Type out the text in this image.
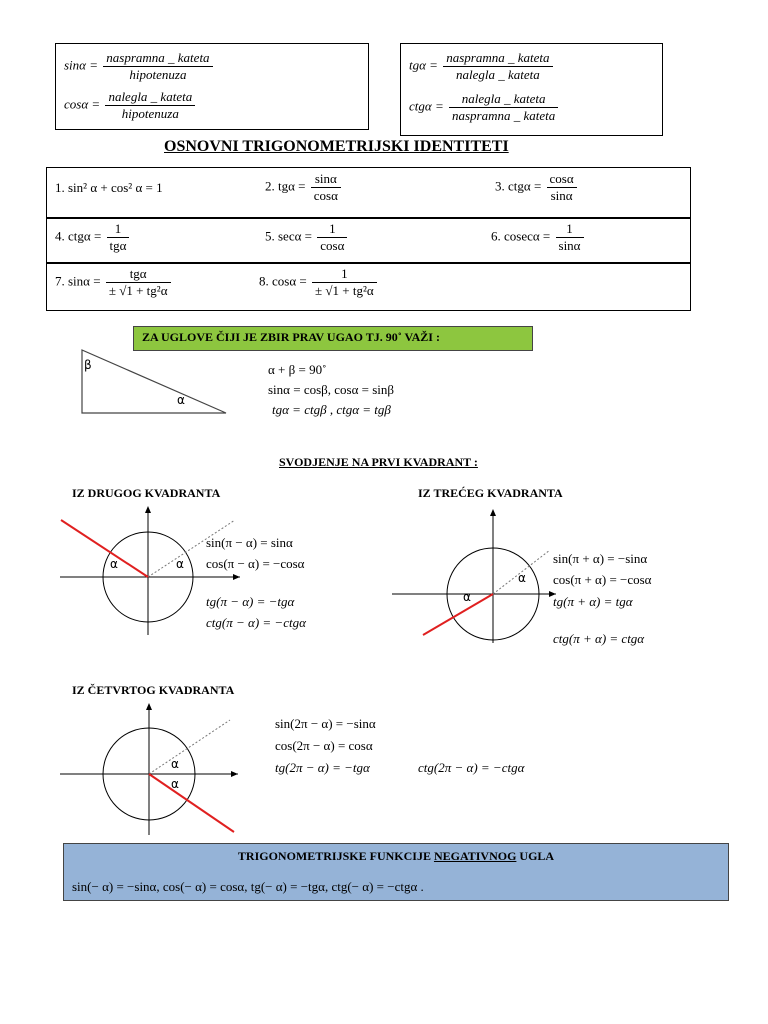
$\sin\alpha = \frac{\text{naspramna \_ kateta}}{\text{hipotenuza}}$
$\cos\alpha = \frac{\text{nalegla \_ kateta}}{\text{hipotenuza}}$
$tg\alpha = \frac{\text{naspramna \_ kateta}}{\text{nalegla \_ kateta}}$
$ctg\alpha = \frac{\text{nalegla \_ kateta}}{\text{naspramna \_ kateta}}$
OSNOVNI TRIGONOMETRIJSKI IDENTITETI
1. sin² α + cos² α = 1	2. $tg\alpha = \frac{\sin\alpha}{\cos\alpha}$	3. $ctg\alpha = \frac{\cos\alpha}{\sin\alpha}$
4. $ctg\alpha = \frac{1}{\text{tgα}}$	5. $\sec\alpha = \frac{1}{\cos\alpha}$	6. $cosec\alpha = \frac{1}{\sin\alpha}$
7. $\sin\alpha = \frac{\text{tgα}}{\text{± √1 + tg²α}}$	8. $\cos\alpha = \frac{1}{\text{± √1 + tg²α}}$
ZA UGLOVE ČIJI JE ZBIR PRAV UGAO TJ. 90˚ VAŽI :
β
α
α + β = 90˚
sinα = cosβ, cosα = sinβ
tgα = ctgβ , ctgα = tgβ
SVODJENJE NA PRVI KVADRANT :
IZ DRUGOG KVADRANTA
α	α
sin(π − α) = sinα
cos(π − α) = −cosα
tg(π − α) = −tgα
ctg(π − α) = −ctgα
IZ TREĆEG KVADRANTA
α
α
sin(π + α) = −sinα
cos(π + α) = −cosα
tg(π + α) = tgα
ctg(π + α) = ctgα
IZ ČETVRTOG KVADRANTA
α
α
sin(2π − α) = −sinα
cos(2π − α) = cosα
tg(2π − α) = −tgα	ctg(2π − α) = −ctgα
TRIGONOMETRIJSKE FUNKCIJE NEGATIVNOG UGLA
sin(− α) = −sinα, cos(− α) = cosα, tg(− α) = −tgα, ctg(− α) = −ctgα .
